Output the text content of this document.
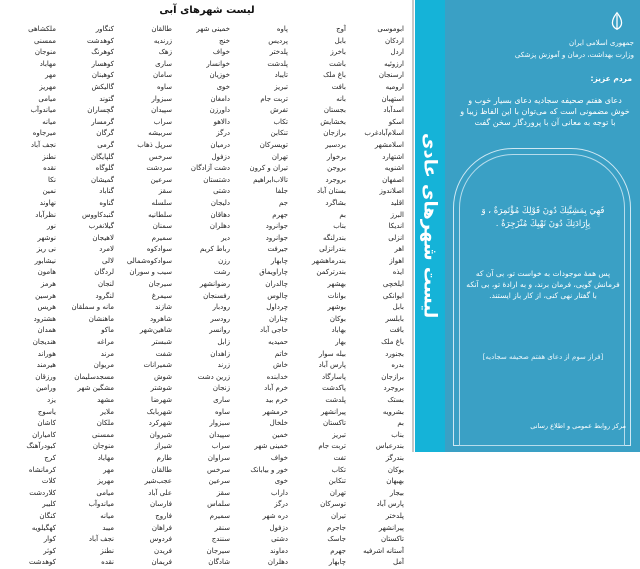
لیست شهرهای آبی
ابوموسی
اردکان
اردل
ارزوئیه
ارسنجان
ارومیه
استهبان
اسدآباد
اسکو
اسلام‌آباد‌غرب
اسلامشهر
اشتهارد
اشنویه
اصفهان
اصلاندوز
اقلید
البرز
اندیکا
انزلی
اهر
اهواز
ایذه
ایلخچی
ایوانکی
بابل
بابلسر
بافت
باغ ملک
بجنورد
بدره
برازجان
بروجرد
بستک
بشرویه
بم
بناب
بندرعباس
بندرگز
بوکان
بهبهان
بیجار
پارس آباد
پلدختر
پیرانشهر
تاکستان
آستانه اشرفیه
آمل
آوج
بابل
باخرز
باشت
باغ ملک
بافت
بانه
بجستان
بخشایش
برازجان
بردسیر
برخوار
بروجن
بروجرد
بستان آباد
بشاگرد
بم
بناب
بندرلنگه
بندرانزلی
بندرماهشهر
بندرترکمن
بهشهر
بوانات
بوشهر
بوکان
بهاباد
بهار
بیله سوار
پارس آباد
پاسارگاد
پاکدشت
پلدشت
پیرانشهر
تاکستان
تبریز
تربت جام
تفت
تکاب
تنکابن
تهران
توسرکان
تیران
جاجرم
جاسک
جهرم
چابهار
پاوه
پردیس
پلدختر
پلدشت
تایباد
تبریز
تربت جام
تفرش
تکاب
تنکابن
تویسرکان
تهران
تیران و کرون
تالاب‌ابراهیم
جلفا
جم
جهرم
جوانرود
جوانرود
جیرفت
چابهار
چاراویماق
چالدران
چالوس
چرداول
چناران
حاجی آباد
حمیدیه
خاتم
خاش
خدابنده
خرم آباد
خرم بید
خرمشهر
خلخال
خمین
خمینی شهر
خواف
خور و بیابانک
خوی
داراب
درگز
دره شهر
دزفول
دشتی
دماوند
دهلران
خمینی شهر
خنج
خواف
خوانسار
خوزیان
خوی
دامغان
داورزن
دالاهو
درگز
درمیان
دزفول
دشت آزادگان
دشتستان
دشتی
دلیجان
دهاقان
دهلران
دیر
رباط کریم
رزن
رشت
رضوانشهر
رفسنجان
رودبار
رودسر
روانسر
زابل
زاهدان
زرند
زرین دشت
زنجان
ساری
ساوه
سبزوار
سپیدان
سراب
سراوان
سرخس
سرعین
سقز
سلماس
سمیرم
سنقر
سنندج
سیرجان
شادگان
طالقان
زرندیه
زهک
ساری
سامان
ساوه
سبزوار
سپیدان
سراب
سربیشه
سرپل ذهاب
سرخس
سردشت
سرعین
سقز
سلسله
سلطانیه
سمنان
سمیرم
سوادکوه
سوادکوه‌شمالی
سیب و سوران
سیرجان
سیمرغ
شازند
شاهرود
شاهین‌شهر
شبستر
شفت
شمیرانات
شوش
شوشتر
شهرضا
شهربابک
شهرکرد
شیروان
شیراز
طارم
طالقان
عجب‌شیر
علی آباد
فارسان
فاروج
فراهان
فردوس
فریدن
فریمان
کنگاور
کوهدشت
کوهرنگ
کوهسار
کوهبنان
گالیکش
گتوند
گچساران
گرمسار
گرگان
گرمی
گلپایگان
گلوگاه
گمیشان
گناباد
گناوه
گنبدکاووس
گیلانغرب
لاهیجان
لامرد
لالی
لردگان
لنجان
لنگرود
مانه و سملقان
ماهنشان
ماکو
مراغه
مرند
مریوان
مسجدسلیمان
مشگین شهر
مشهد
ملایر
ملکان
ممسنی
منوجان
مهاباد
مهر
مهریز
میامی
میاندوآب
میانه
میبد
نجف آباد
نطنز
نقده
ملکشاهی
ممسنی
منوجان
مهاباد
مهر
مهریز
میامی
میاندوآب
میانه
میرجاوه
نجف آباد
نطنز
نقده
نکا
نمین
نهاوند
نظرآباد
نور
نوشهر
نی ریز
نیشابور
هامون
هرمز
هرسین
هریس
هشترود
همدان
هندیجان
هوراند
هیرمند
ورزقان
ورامین
یزد
یاسوج
کاشان
کامیاران
کبودرآهنگ
کرج
کرمانشاه
کلات
کلاردشت
کلیبر
کنگان
کهگیلویه
کوار
کوثر
کوهدشت
لیست شهرهای عادی
جمهوری اسلامی ایران
وزارت بهداشت، درمان و آموزش پزشکی
مردم عزیز:
دعای هفتم صحیفه سجادیه دعای بسیار خوب و خوش مضمونی است که می‌توان با این الفاظ زیبا و با توجه به معانی آن با پروردگار سخن گفت
فَهِيَ بِمَشِيَّتِكَ دُونَ قَوْلِكَ مُؤْتَمِرَةٌ ، وَ بِإِرَادَتِكَ دُونَ نَهْيِكَ مُنْزَجِرَةٌ .
پس همهٔ موجودات به خواست تو، بی آن که فرمانش گویی، فرمان برند، و به ارادهٔ تو، بی آنکه با گفتار نهی کنی، از کار باز ایستند.
[فراز سوم از دعای هفتم صحیفه سجادیه]
مرکز روابط عمومی و اطلاع رسانی
